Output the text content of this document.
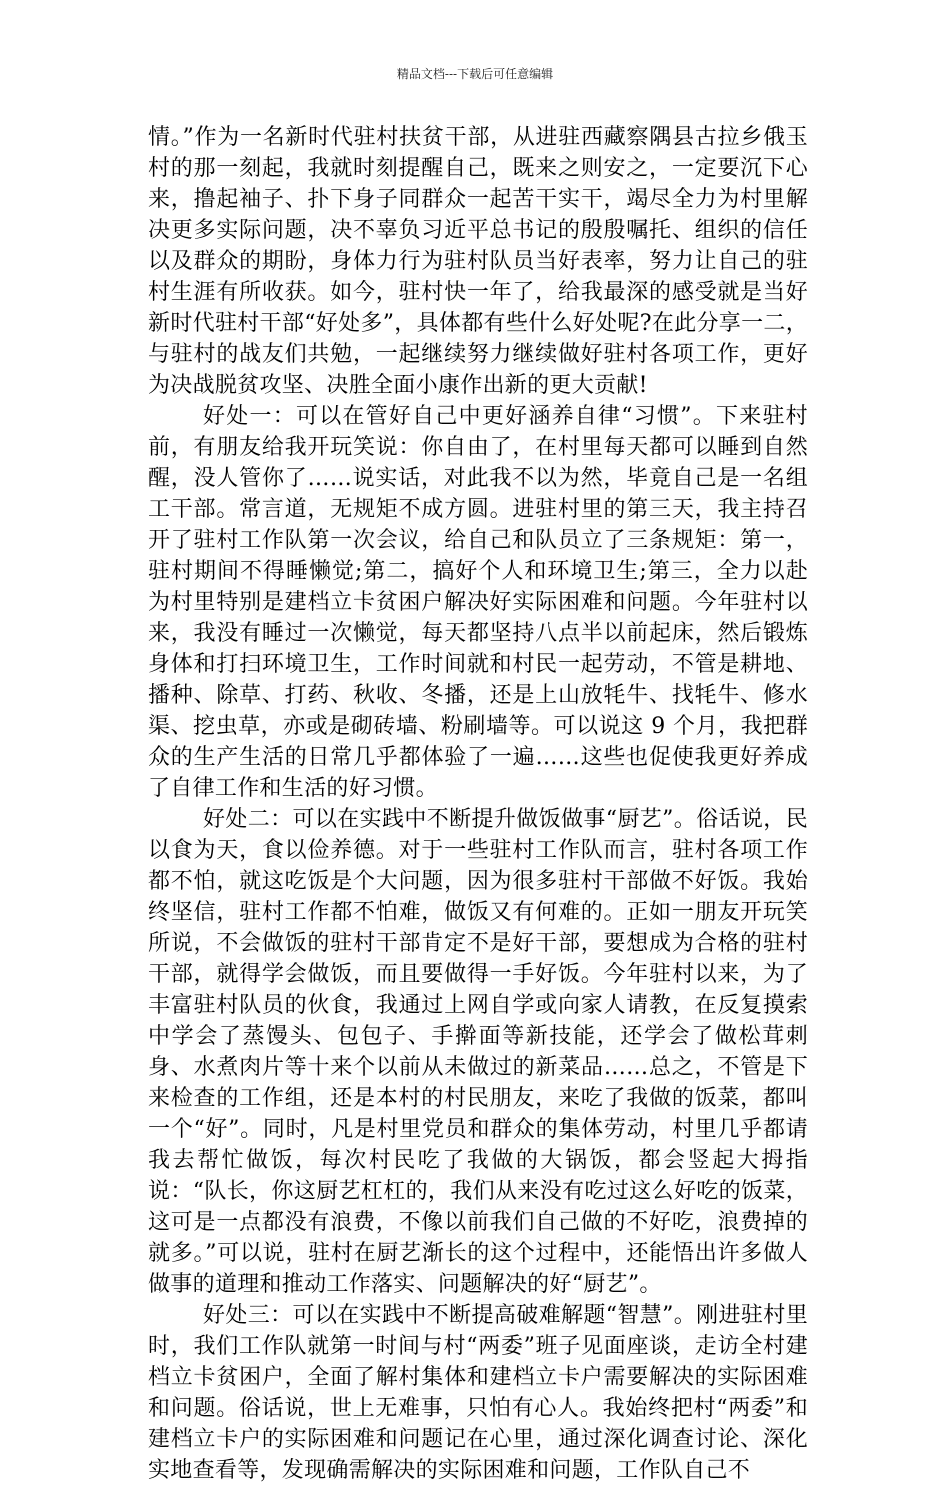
精品文档---下载后可任意编辑

情。”作为一名新时代驻村扶贫干部，从进驻西藏察隅县古拉乡俄玉村的那一刻起，我就时刻提醒自己，既来之则安之，一定要沉下心来，撸起袖子、扑下身子同群众一起苦干实干，竭尽全力为村里解决更多实际问题，决不辜负习近平总书记的殷殷嘱托、组织的信任以及群众的期盼，身体力行为驻村队员当好表率，努力让自己的驻村生涯有所收获。如今，驻村快一年了，给我最深的感受就是当好新时代驻村干部“好处多”，具体都有些什么好处呢?在此分享一二，与驻村的战友们共勉，一起继续努力继续做好驻村各项工作，更好为决战脱贫攻坚、决胜全面小康作出新的更大贡献!

好处一：可以在管好自己中更好涵养自律“习惯”。下来驻村前，有朋友给我开玩笑说：你自由了，在村里每天都可以睡到自然醒，没人管你了……说实话，对此我不以为然，毕竟自己是一名组工干部。常言道，无规矩不成方圆。进驻村里的第三天，我主持召开了驻村工作队第一次会议，给自己和队员立了三条规矩：第一，驻村期间不得睡懒觉;第二，搞好个人和环境卫生;第三，全力以赴为村里特别是建档立卡贫困户解决好实际困难和问题。今年驻村以来，我没有睡过一次懒觉，每天都坚持八点半以前起床，然后锻炼身体和打扫环境卫生，工作时间就和村民一起劳动，不管是耕地、播种、除草、打药、秋收、冬播，还是上山放牦牛、找牦牛、修水渠、挖虫草，亦或是砌砖墙、粉刷墙等。可以说这 9 个月，我把群众的生产生活的日常几乎都体验了一遍……这些也促使我更好养成了自律工作和生活的好习惯。

好处二：可以在实践中不断提升做饭做事“厨艺”。俗话说，民以食为天，食以俭养德。对于一些驻村工作队而言，驻村各项工作都不怕，就这吃饭是个大问题，因为很多驻村干部做不好饭。我始终坚信，驻村工作都不怕难，做饭又有何难的。正如一朋友开玩笑所说，不会做饭的驻村干部肯定不是好干部，要想成为合格的驻村干部，就得学会做饭，而且要做得一手好饭。今年驻村以来，为了丰富驻村队员的伙食，我通过上网自学或向家人请教，在反复摸索中学会了蒸馒头、包包子、手擀面等新技能，还学会了做松茸刺身、水煮肉片等十来个以前从未做过的新菜品……总之，不管是下来检查的工作组，还是本村的村民朋友，来吃了我做的饭菜，都叫一个“好”。同时，凡是村里党员和群众的集体劳动，村里几乎都请我去帮忙做饭，每次村民吃了我做的大锅饭，都会竖起大拇指说：“队长，你这厨艺杠杠的，我们从来没有吃过这么好吃的饭菜，这可是一点都没有浪费，不像以前我们自己做的不好吃，浪费掉的就多。”可以说，驻村在厨艺渐长的这个过程中，还能悟出许多做人做事的道理和推动工作落实、问题解决的好“厨艺”。

好处三：可以在实践中不断提高破难解题“智慧”。刚进驻村里时，我们工作队就第一时间与村“两委”班子见面座谈，走访全村建档立卡贫困户，全面了解村集体和建档立卡户需要解决的实际困难和问题。俗话说，世上无难事，只怕有心人。我始终把村“两委”和建档立卡户的实际困难和问题记在心里，通过深化调查讨论、深化实地查看等，发现确需解决的实际困难和问题，工作队自己不
